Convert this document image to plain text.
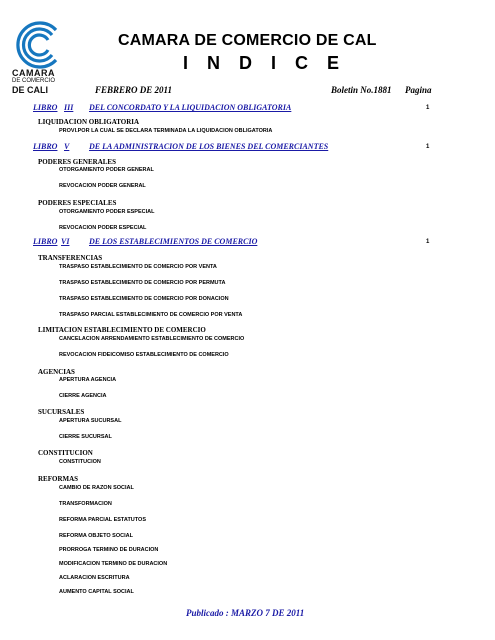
CAMARA
DE COMERCIO
DE CALI
CAMARA DE COMERCIO DE CAL
I N D I C E
FEBRERO DE 2011	Boletin No.1881 Pagina
LIBRO III DEL CONCORDATO Y LA LIQUIDACION OBLIGATORIA	1
LIQUIDACION OBLIGATORIA
PROVI.POR LA CUAL SE DECLARA TERMINADA LA LIQUIDACION OBLIGATORIA
LIBRO V DE LA ADMINISTRACION DE LOS BIENES DEL COMERCIANTES	1
PODERES GENERALES
OTORGAMIENTO PODER GENERAL
REVOCACION PODER GENERAL
PODERES ESPECIALES
OTORGAMIENTO PODER ESPECIAL
REVOCACION PODER ESPECIAL
LIBRO VI DE LOS ESTABLECIMIENTOS DE COMERCIO	1
TRANSFERENCIAS
TRASPASO ESTABLECIMIENTO DE COMERCIO POR VENTA
TRASPASO ESTABLECIMIENTO DE COMERCIO POR PERMUTA
TRASPASO ESTABLECIMIENTO DE COMERCIO POR DONACION
TRASPASO PARCIAL ESTABLECIMIENTO DE COMERCIO POR VENTA
LIMITACION ESTABLECIMIENTO DE COMERCIO
CANCELACION ARRENDAMIENTO ESTABLECIMIENTO DE COMERCIO
REVOCACION FIDEICOMISO ESTABLECIMIENTO DE COMERCIO
AGENCIAS
APERTURA AGENCIA
CIERRE AGENCIA
SUCURSALES
APERTURA SUCURSAL
CIERRE SUCURSAL
CONSTITUCION
CONSTITUCION
REFORMAS
CAMBIO DE RAZON SOCIAL
TRANSFORMACION
REFORMA PARCIAL ESTATUTOS
REFORMA OBJETO SOCIAL
PRORROGA TERMINO DE DURACION
MODIFICACION TERMINO DE DURACION
ACLARACION ESCRITURA
AUMENTO CAPITAL SOCIAL
Publicado : MARZO 7 DE 2011
